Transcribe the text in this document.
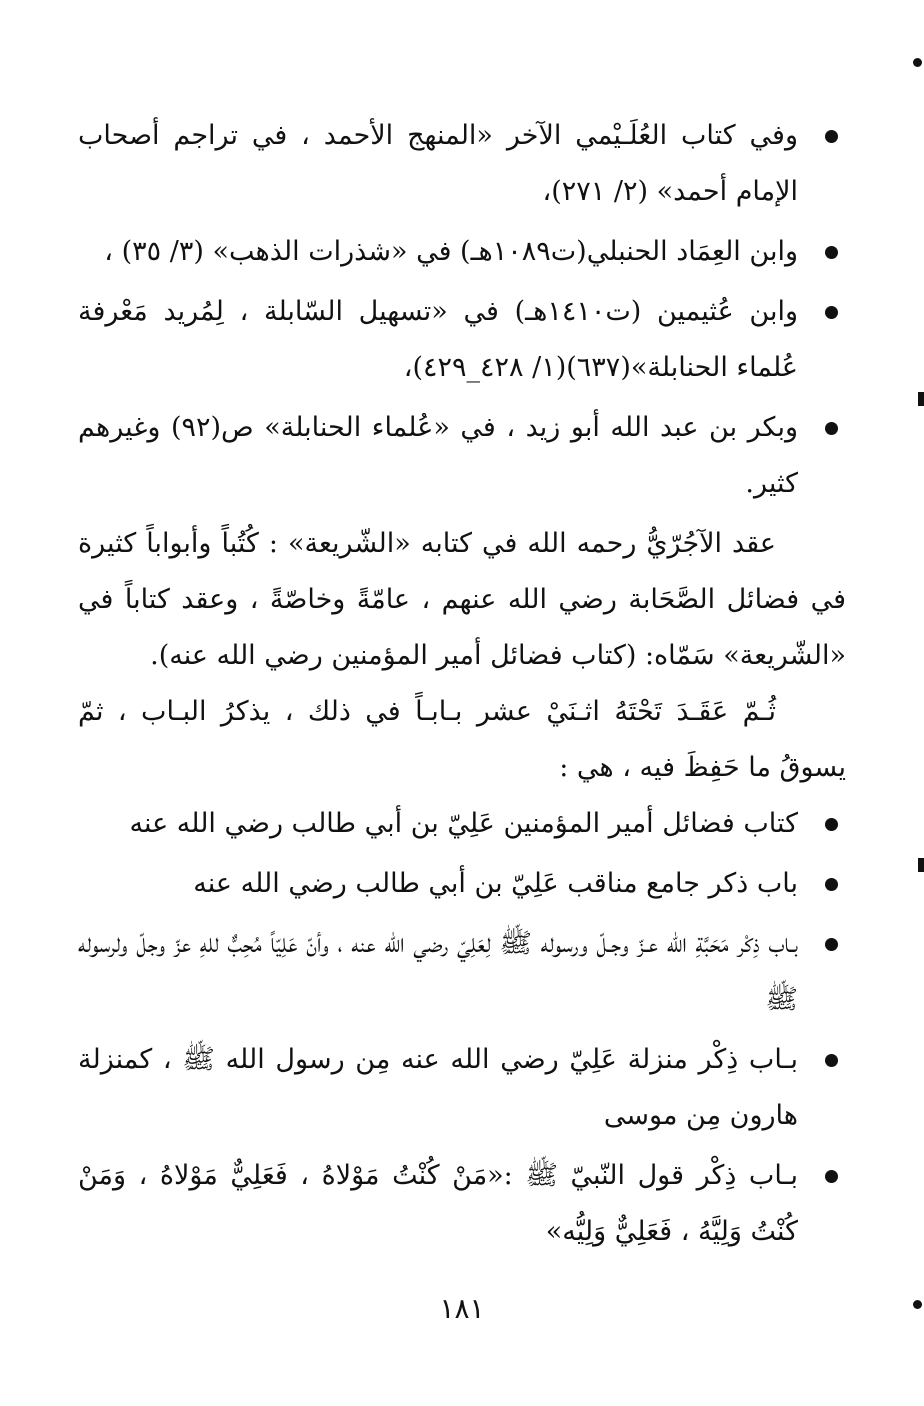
وفي كتاب العُلَـيْمي الآخر «المنهج الأحمد ، في تراجم أصحاب الإمام أحمد» (٢/ ٢٧١)،
وابن العِمَاد الحنبلي(ت١٠٨٩هـ) في «شذرات الذهب» (٣/ ٣٥) ،
وابن عُثيمين (ت١٤١٠هـ) في «تسهيل السّابلة ، لِمُريد مَعْرفة عُلماء الحنابلة»(٦٣٧)(١/ ٤٢٨_٤٢٩)،
وبكر بن عبد الله أبو زيد ، في «عُلماء الحنابلة» ص(٩٢) وغيرهم كثير.

عقد الآجُرّيُّ رحمه الله في كتابه «الشّريعة» : كُتُباً وأبواباً كثيرة في فضائل الصَّحَابة رضي الله عنهم ، عامّةً وخاصّةً ، وعقد كتاباً في «الشّريعة» سَمّاه: (كتاب فضائل أمير المؤمنين رضي الله عنه).

ثُـمّ عَقَـدَ تَحْتَهُ اثـنَيْ عشر بـابـاً في ذلك ، يذكرُ البـاب ، ثمّ يسوقُ ما حَفِظَ فيه ، هي :

كتاب فضائل أمير المؤمنين عَلِيّ بن أبي طالب رضي الله عنه
باب ذكر جامع مناقب عَلِيّ بن أبي طالب رضي الله عنه
بـاب ذِكْر مَحَبَّةِ الله عـزّ وجـلّ ورسوله ﷺ لِعَلِيّ رضي الله عنه ، وأنّ عَلِيّاً مُحِبٌّ للهِ عزّ وجلّ ولرسوله ﷺ
بـاب ذِكْر منزلة عَلِيّ رضي الله عنه مِن رسول الله ﷺ ، كمنزلة هارون مِن موسى
بـاب ذِكْر قول النّبيّ ﷺ :«مَنْ كُنْتُ مَوْلاهُ ، فَعَلِيٌّ مَوْلاهُ ، وَمَنْ كُنْتُ وَلِيَّهُ ، فَعَلِيٌّ وَلِيُّه»
١٨١
